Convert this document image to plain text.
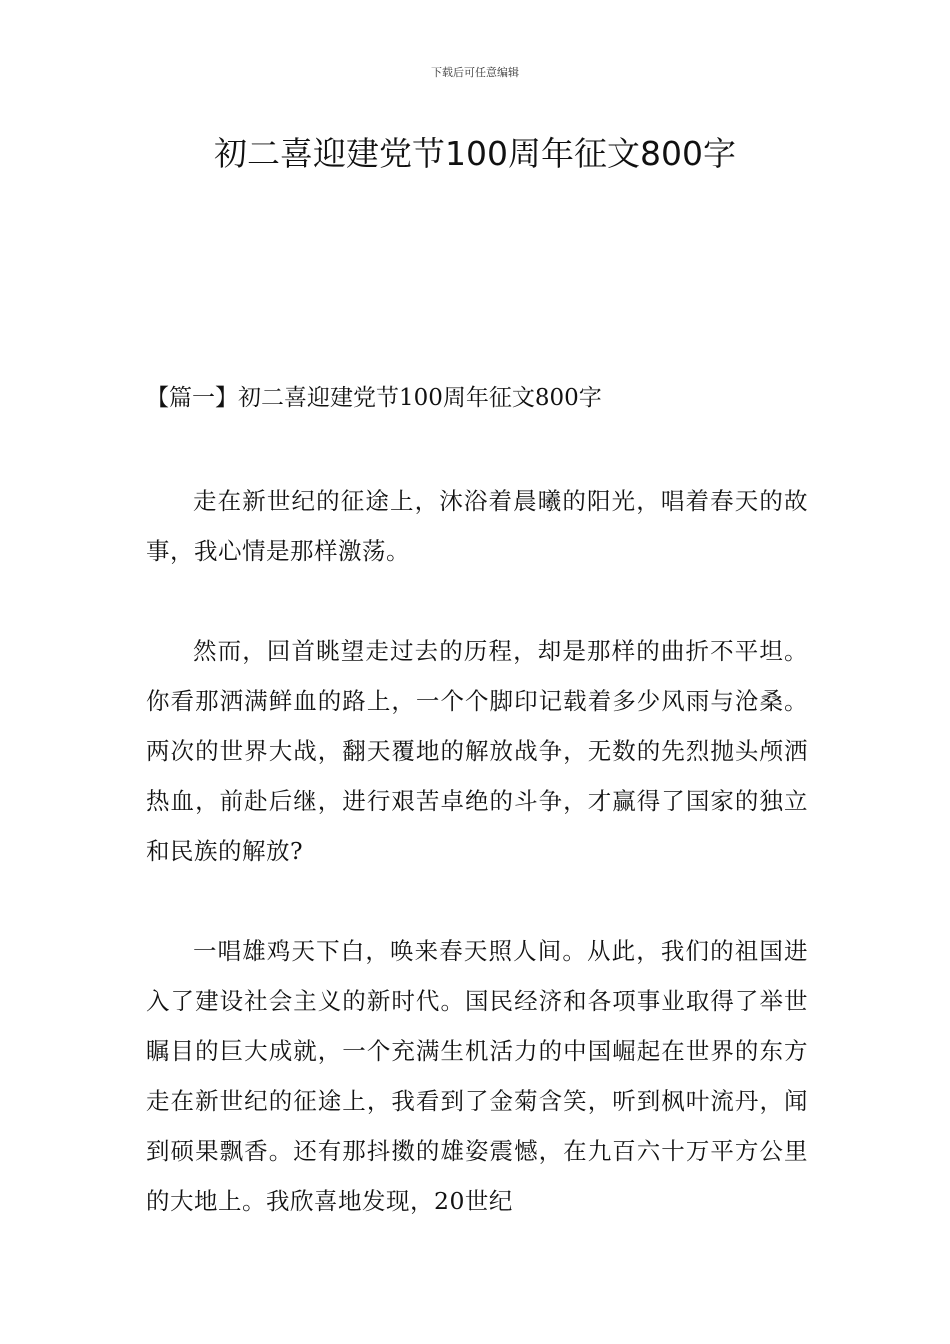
下载后可任意编辑
初二喜迎建党节100周年征文800字
【篇一】初二喜迎建党节100周年征文800字

走在新世纪的征途上，沐浴着晨曦的阳光，唱着春天的故事，我心情是那样激荡。

然而，回首眺望走过去的历程，却是那样的曲折不平坦。你看那洒满鲜血的路上，一个个脚印记载着多少风雨与沧桑。两次的世界大战，翻天覆地的解放战争，无数的先烈抛头颅洒热血，前赴后继，进行艰苦卓绝的斗争，才赢得了国家的独立和民族的解放?

一唱雄鸡天下白，唤来春天照人间。从此，我们的祖国进入了建设社会主义的新时代。国民经济和各项事业取得了举世瞩目的巨大成就，一个充满生机活力的中国崛起在世界的东方走在新世纪的征途上，我看到了金菊含笑，听到枫叶流丹，闻到硕果飘香。还有那抖擞的雄姿震憾，在九百六十万平方公里的大地上。我欣喜地发现，20世纪
